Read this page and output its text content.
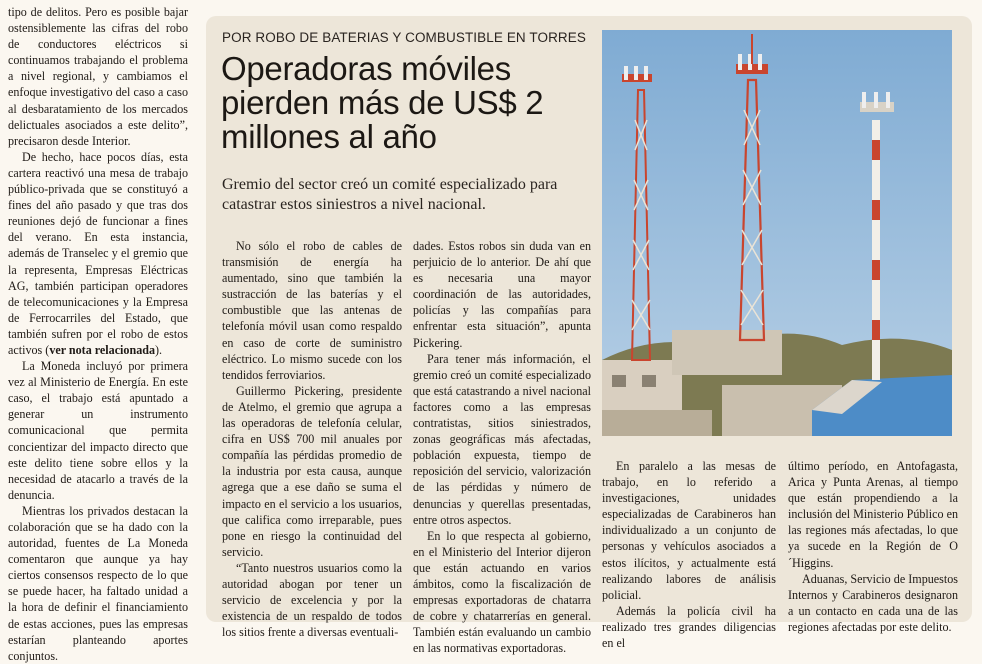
tipo de delitos. Pero es posible bajar ostensiblemente las cifras del robo de conductores eléctricos si continuamos trabajando el problema a nivel regional, y cambiamos el enfoque investigativo del caso a caso al desbaratamiento de los mercados delictuales asociados a este delito”, precisaron desde Interior.

De hecho, hace pocos días, esta cartera reactivó una mesa de trabajo público-privada que se constituyó a fines del año pasado y que tras dos reuniones dejó de funcionar a fines del verano. En esta instancia, además de Transelec y el gremio que la representa, Empresas Eléctricas AG, también participan operadores de telecomunicaciones y la Empresa de Ferrocarriles del Estado, que también sufren por el robo de estos activos (ver nota relacionada).

La Moneda incluyó por primera vez al Ministerio de Energía. En este caso, el trabajo está apuntado a generar un instrumento comunicacional que permita concientizar del impacto directo que este delito tiene sobre ellos y la necesidad de atacarlo a través de la denuncia.

Mientras los privados destacan la colaboración que se ha dado con la autoridad, fuentes de La Moneda comentaron que aunque ya hay ciertos consensos respecto de lo que se puede hacer, ha faltado unidad a la hora de definir el financiamiento de estas acciones, pues las empresas estarían planteando aportes conjuntos.

POR ROBO DE BATERIAS Y COMBUSTIBLE EN TORRES
Operadoras móviles pierden más de US$ 2 millones al año

Gremio del sector creó un comité especializado para catastrar estos siniestros a nivel nacional.

No sólo el robo de cables de transmisión de energía ha aumentado, sino que también la sustracción de las baterías y el combustible que las antenas de telefonía móvil usan como respaldo en caso de corte de suministro eléctrico. Lo mismo sucede con los tendidos ferroviarios.

Guillermo Pickering, presidente de Atelmo, el gremio que agrupa a las operadoras de telefonía celular, cifra en US$ 700 mil anuales por compañía las pérdidas promedio de la industria por esta causa, aunque agrega que a ese daño se suma el impacto en el servicio a los usuarios, que califica como irreparable, pues pone en riesgo la continuidad del servicio.

“Tanto nuestros usuarios como la autoridad abogan por tener un servicio de excelencia y por la existencia de un respaldo de todos los sitios frente a diversas eventuali-

dades. Estos robos sin duda van en perjuicio de lo anterior. De ahí que es necesaria una mayor coordinación de las autoridades, policías y las compañías para enfrentar esta situación”, apunta Pickering.

Para tener más información, el gremio creó un comité especializado que está catastrando a nivel nacional factores como a las empresas contratistas, sitios siniestrados, zonas geográficas más afectadas, población expuesta, tiempo de reposición del servicio, valorización de las pérdidas y número de denuncias y querellas presentadas, entre otros aspectos.

En lo que respecta al gobierno, en el Ministerio del Interior dijeron que están actuando en varios ámbitos, como la fiscalización de empresas exportadoras de chatarra de cobre y chatarrerías en general. También están evaluando un cambio en las normativas exportadoras.

En paralelo a las mesas de trabajo, en lo referido a investigaciones, unidades especializadas de Carabineros han individualizado a un conjunto de personas y vehículos asociados a estos ilícitos, y actualmente está realizando labores de análisis policial.

Además la policía civil ha realizado tres grandes diligencias en el

último período, en Antofagasta, Arica y Punta Arenas, al tiempo que están propendiendo a la inclusión del Ministerio Público en las regiones más afectadas, lo que ya sucede en la Región de O´Higgins.

Aduanas, Servicio de Impuestos Internos y Carabineros designaron a un contacto en cada una de las regiones afectadas por este delito.
